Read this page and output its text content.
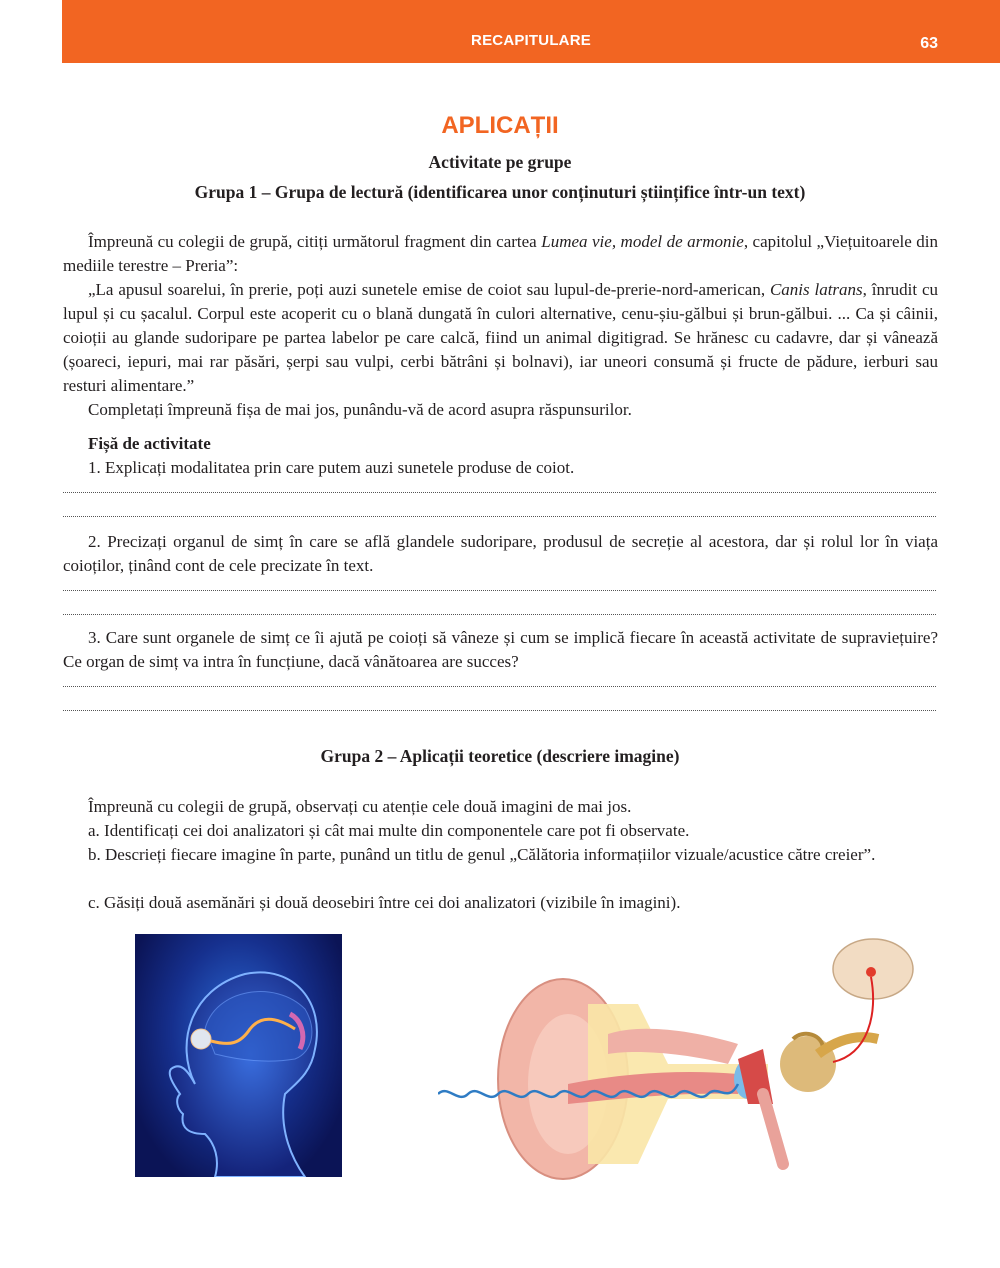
RECAPITULARE	63
APLICAȚII
Activitate pe grupe
Grupa 1 – Grupa de lectură (identificarea unor conținuturi științifice într-un text)
Împreună cu colegii de grupă, citiți următorul fragment din cartea Lumea vie, model de armonie, capitolul „Viețuitoarele din mediile terestre – Preria”:
„La apusul soarelui, în prerie, poți auzi sunetele emise de coiot sau lupul-de-prerie-nord-american, Canis latrans, înrudit cu lupul și cu șacalul. Corpul este acoperit cu o blană dungată în culori alternative, cenu-șiu-gălbui și brun-gălbui. ... Ca și câinii, coioții au glande sudoripare pe partea labelor pe care calcă, fiind un animal digitigrad. Se hrănesc cu cadavre, dar și vânează (șoareci, iepuri, mai rar păsări, șerpi sau vulpi, cerbi bătrâni și bolnavi), iar uneori consumă și fructe de pădure, ierburi sau resturi alimentare.”
Completați împreună fișa de mai jos, punându-vă de acord asupra răspunsurilor.
Fișă de activitate
1. Explicați modalitatea prin care putem auzi sunetele produse de coiot.
2. Precizați organul de simț în care se află glandele sudoripare, produsul de secreție al acestora, dar și rolul lor în viața coioților, ținând cont de cele precizate în text.
3. Care sunt organele de simț ce îi ajută pe coioți să vâneze și cum se implică fiecare în această activitate de supraviețuire? Ce organ de simț va intra în funcțiune, dacă vânătoarea are succes?
Grupa 2 – Aplicații teoretice (descriere imagine)
Împreună cu colegii de grupă, observați cu atenție cele două imagini de mai jos.
a. Identificați cei doi analizatori și cât mai multe din componentele care pot fi observate.
b. Descrieți fiecare imagine în parte, punând un titlu de genul „Călătoria informațiilor vizuale/acustice către creier”.
c. Găsiți două asemănări și două deosebiri între cei doi analizatori (vizibile în imagini).
